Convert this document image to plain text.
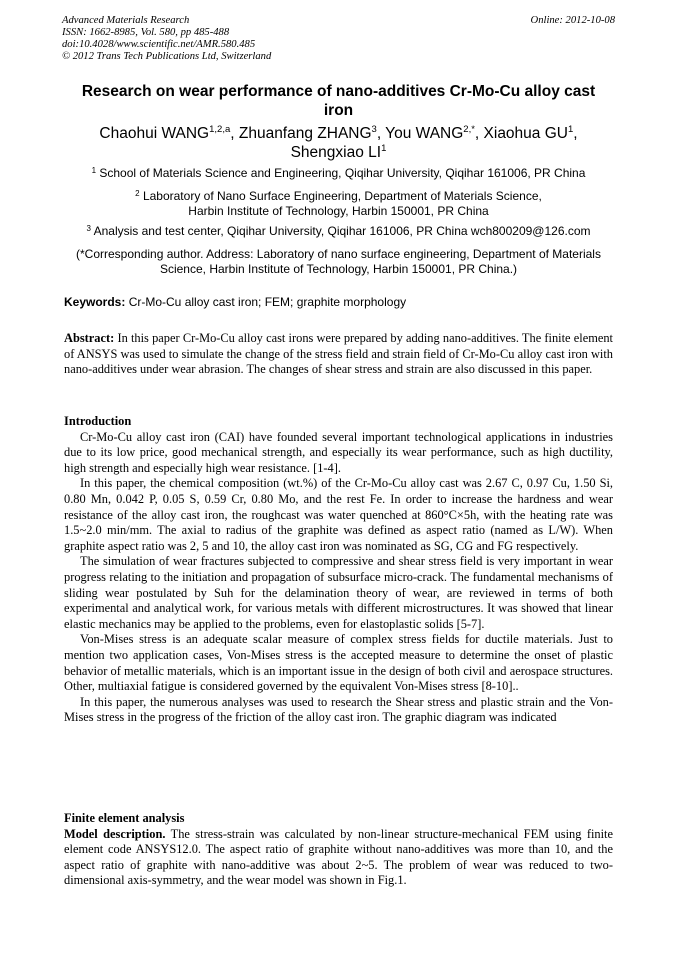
Advanced Materials Research
ISSN: 1662-8985, Vol. 580, pp 485-488
doi:10.4028/www.scientific.net/AMR.580.485
© 2012 Trans Tech Publications Ltd, Switzerland
Online: 2012-10-08
Research on wear performance of nano-additives Cr-Mo-Cu alloy cast
iron
Chaohui WANG$^{1,2,a}$, Zhuanfang ZHANG$^3$, You $WANG^{2,*}$, Xiaohua $GU^1$,
Shengxiao $LI^1$
$^1$ School of Materials Science and Engineering, Qiqihar University, Qiqihar 161006, PR China
$^2$ Laboratory of Nano Surface Engineering, Department of Materials Science,
Harbin Institute of Technology, Harbin 150001, PR China
$^3$ Analysis and test center, Qiqihar University, Qiqihar 161006, PR China wch800209@126.com
(*Corresponding author. Address: Laboratory of nano surface engineering, Department of Materials
Science, Harbin Institute of Technology, Harbin 150001, PR China.)
Keywords: Cr-Mo-Cu alloy cast iron; FEM; graphite morphology

Abstract: In this paper Cr-Mo-Cu alloy cast irons were prepared by adding nano-additives. The finite element of ANSYS was used to simulate the change of the stress field and strain field of Cr-Mo-Cu alloy cast iron with nano-additives under wear abrasion. The changes of shear stress and strain are also discussed in this paper.

Introduction

Cr-Mo-Cu alloy cast iron (CAI) have founded several important technological applications in industries due to its low price, good mechanical strength, and especially its wear performance, such as high ductility, high strength and especially high wear resistance. [1-4].

In this paper, the chemical composition (wt.%) of the Cr-Mo-Cu alloy cast was 2.67 C, 0.97 Cu, 1.50 Si, 0.80 Mn, 0.042 P, 0.05 S, 0.59 Cr, 0.80 Mo, and the rest Fe. In order to increase the hardness and wear resistance of the alloy cast iron, the roughcast was water quenched at 860°C×5h, with the heating rate was 1.5~2.0 min/mm. The axial to radius of the graphite was defined as aspect ratio (named as L/W). When graphite aspect ratio was 2, 5 and 10, the alloy cast iron was nominated as SG, CG and FG respectively.

The simulation of wear fractures subjected to compressive and shear stress field is very important in wear progress relating to the initiation and propagation of subsurface micro-crack. The fundamental mechanisms of sliding wear postulated by Suh for the delamination theory of wear, are reviewed in terms of both experimental and analytical work, for various metals with different microstructures. It was showed that linear elastic mechanics may be applied to the problems, even for elastoplastic solids [5-7].

Von-Mises stress is an adequate scalar measure of complex stress fields for ductile materials. Just to mention two application cases, Von-Mises stress is the accepted measure to determine the onset of plastic behavior of metallic materials, which is an important issue in the design of both civil and aerospace structures. Other, multiaxial fatigue is considered governed by the equivalent Von-Mises stress [8-10]..

In this paper, the numerous analyses was used to research the Shear stress and plastic strain and the Von-Mises stress in the progress of the friction of the alloy cast iron. The graphic diagram was indicated

Finite element analysis

Model description. The stress-strain was calculated by non-linear structure-mechanical FEM using finite element code ANSYS12.0. The aspect ratio of graphite without nano-additives was more than 10, and the aspect ratio of graphite with nano-additive was about 2~5. The problem of wear was reduced to two-dimensional axis-symmetry, and the wear model was shown in Fig.1.
